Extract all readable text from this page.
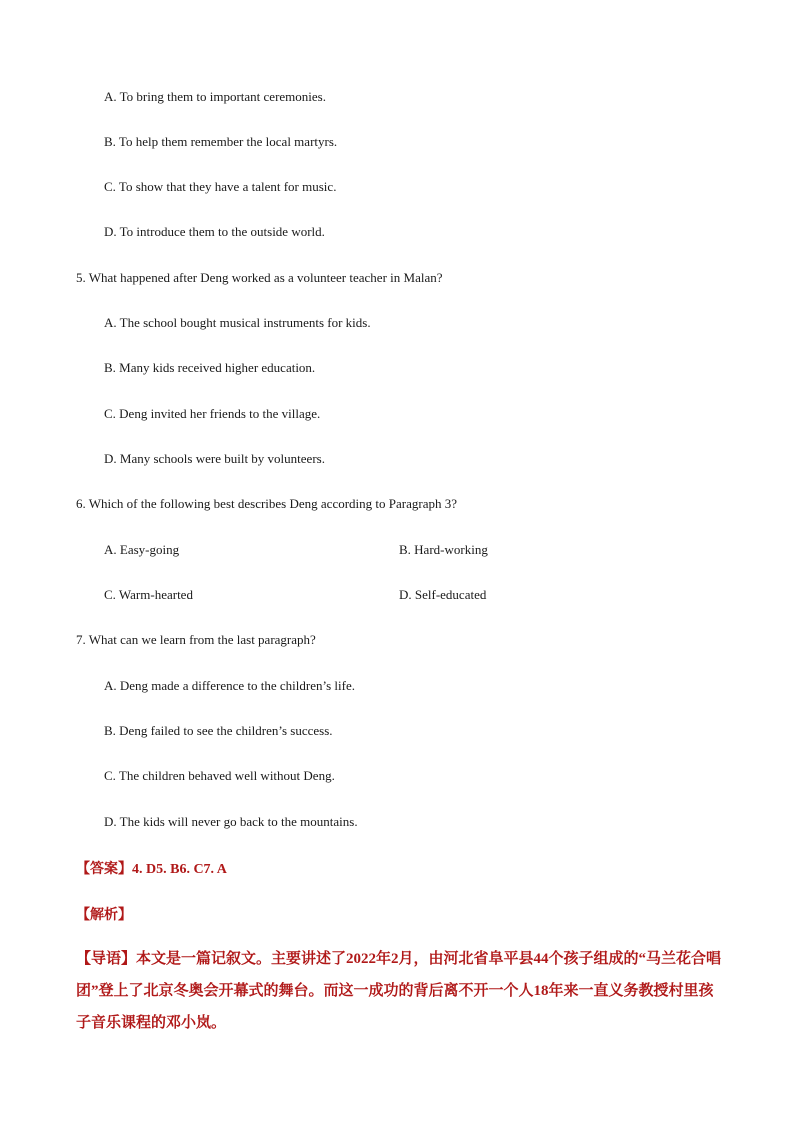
A. To bring them to important ceremonies.
B. To help them remember the local martyrs.
C. To show that they have a talent for music.
D. To introduce them to the outside world.
5. What happened after Deng worked as a volunteer teacher in Malan?
A. The school bought musical instruments for kids.
B. Many kids received higher education.
C. Deng invited her friends to the village.
D. Many schools were built by volunteers.
6. Which of the following best describes Deng according to Paragraph 3?
A. Easy-going	B. Hard-working
C. Warm-hearted	D. Self-educated
7. What can we learn from the last paragraph?
A. Deng made a difference to the children’s life.
B. Deng failed to see the children’s success.
C. The children behaved well without Deng.
D. The kids will never go back to the mountains.
【答案】4. D5. B6. C7. A
【解析】
【导语】本文是一篇记叙文。主要讲述了2022年2月，由河北省阜平县44个孩子组成的“马兰花合唱团”登上了北京冬奥会开幕式的舞台。而这一成功的背后离不开一个人18年来一直义务教授村里孩子音乐课程的邓小岚。
